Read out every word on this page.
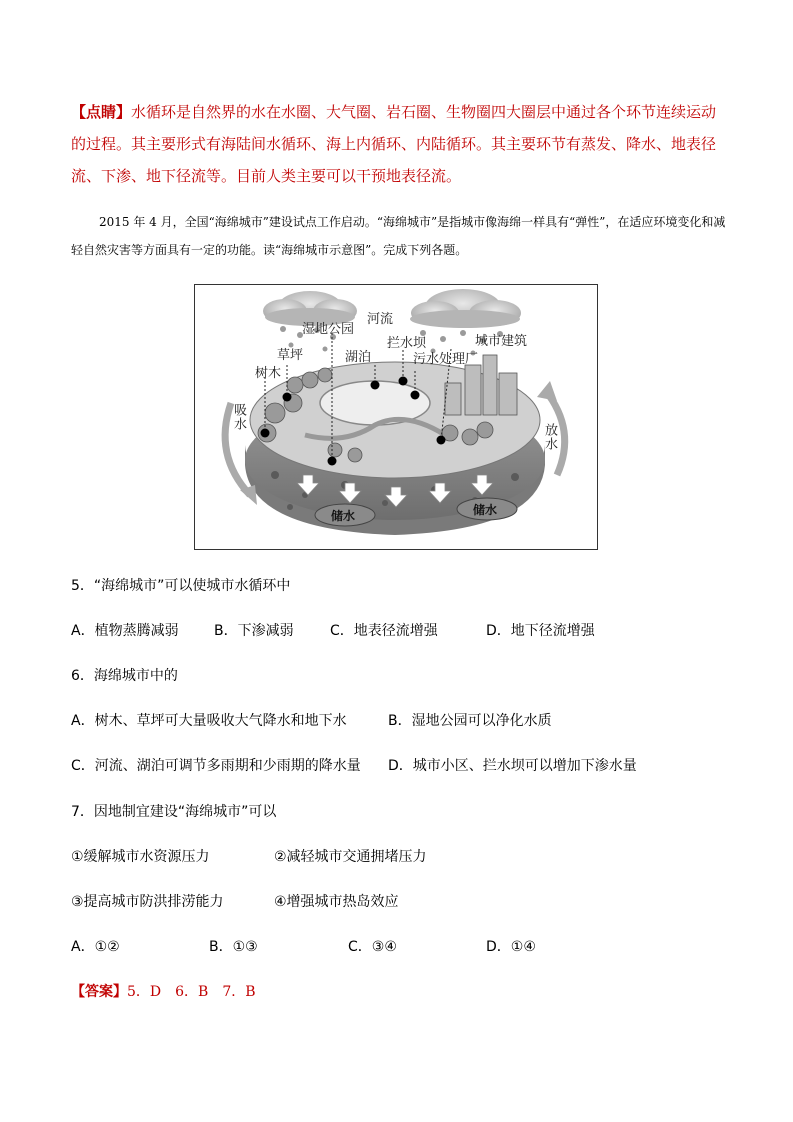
【点睛】水循环是自然界的水在水圈、大气圈、岩石圈、生物圈四大圈层中通过各个环节连续运动的过程。其主要形式有海陆间水循环、海上内循环、内陆循环。其主要环节有蒸发、降水、地表径流、下渗、地下径流等。目前人类主要可以干预地表径流。
2015 年 4 月，全国“海绵城市”建设试点工作启动。“海绵城市”是指城市像海绵一样具有“弹性”，在适应环境变化和减轻自然灾害等方面具有一定的功能。读“海绵城市示意图”。完成下列各题。
河流
湿地公园
拦水坝	城市建筑
草坪	湖泊	污水处理厂
树木
吸水
放水
储水	储水
5．“海绵城市”可以使城市水循环中
A．植物蒸腾减弱	B．下渗减弱	C．地表径流增强	D．地下径流增强
6．海绵城市中的
A．树木、草坪可大量吸收大气降水和地下水	B．湿地公园可以净化水质
C．河流、湖泊可调节多雨期和少雨期的降水量 D．城市小区、拦水坝可以增加下渗水量
7．因地制宜建设“海绵城市”可以
①缓解城市水资源压力	②减轻城市交通拥堵压力
③提高城市防洪排涝能力	④增强城市热岛效应
A．①②	B．①③	C．③④	D．①④
【答案】5．D　6．B　7．B
